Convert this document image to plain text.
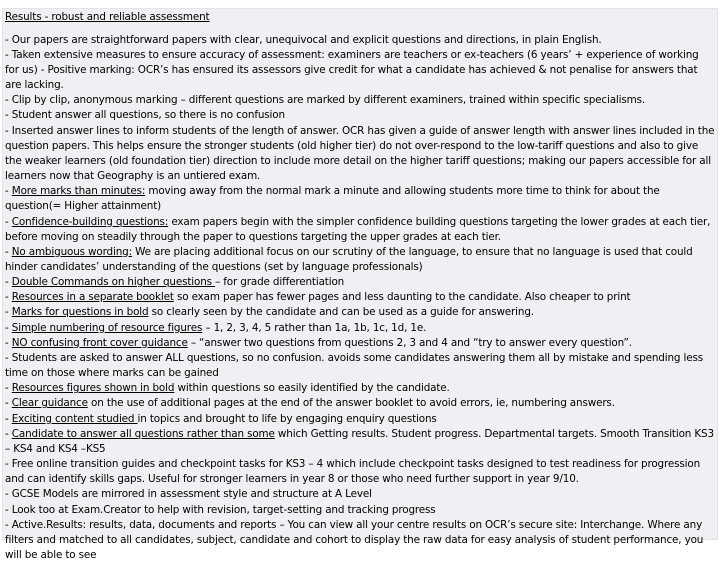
Results - robust and reliable assessment

- Our papers are straightforward papers with clear, unequivocal and explicit questions and directions, in plain English.

- Taken extensive measures to ensure accuracy of assessment: examiners are teachers or ex-teachers (6 years’ + experience of working for us) - Positive marking: OCR’s has ensured its assessors give credit for what a candidate has achieved & not penalise for answers that are lacking.

- Clip by clip, anonymous marking – different questions are marked by different examiners, trained within specific specialisms.

- Student answer all questions, so there is no confusion

- Inserted answer lines to inform students of the length of answer. OCR has given a guide of answer length with answer lines included in the question papers. This helps ensure the stronger students (old higher tier) do not over-respond to the low-tariff questions and also to give the weaker learners (old foundation tier) direction to include more detail on the higher tariff questions; making our papers accessible for all learners now that Geography is an untiered exam.

- More marks than minutes: moving away from the normal mark a minute and allowing students more time to think for about the question(= Higher attainment)

- Confidence-building questions: exam papers begin with the simpler confidence building questions targeting the lower grades at each tier, before moving on steadily through the paper to questions targeting the upper grades at each tier.

- No ambiguous wording: We are placing additional focus on our scrutiny of the language, to ensure that no language is used that could hinder candidates’ understanding of the questions (set by language professionals)

- Double Commands on higher questions – for grade differentiation

- Resources in a separate booklet so exam paper has fewer pages and less daunting to the candidate. Also cheaper to print

- Marks for questions in bold so clearly seen by the candidate and can be used as a guide for answering.

- Simple numbering of resource figures – 1, 2, 3, 4, 5 rather than 1a, 1b, 1c, 1d, 1e.

- NO confusing front cover guidance – “answer two questions from questions 2, 3 and 4 and “try to answer every question”.

- Students are asked to answer ALL questions, so no confusion. avoids some candidates answering them all by mistake and spending less time on those where marks can be gained

- Resources figures shown in bold within questions so easily identified by the candidate.

- Clear guidance on the use of additional pages at the end of the answer booklet to avoid errors, ie, numbering answers.

- Exciting content studied in topics and brought to life by engaging enquiry questions

- Candidate to answer all questions rather than some which Getting results. Student progress. Departmental targets. Smooth Transition KS3 – KS4 and KS4 –KS5

- Free online transition guides and checkpoint tasks for KS3 – 4 which include checkpoint tasks designed to test readiness for progression and can identify skills gaps. Useful for stronger learners in year 8 or those who need further support in year 9/10.

- GCSE Models are mirrored in assessment style and structure at A Level

- Look too at Exam.Creator to help with revision, target-setting and tracking progress

- Active.Results: results, data, documents and reports – You can view all your centre results on OCR’s secure site: Interchange. Where any filters and matched to all candidates, subject, candidate and cohort to display the raw data for easy analysis of student performance, you will be able to see
